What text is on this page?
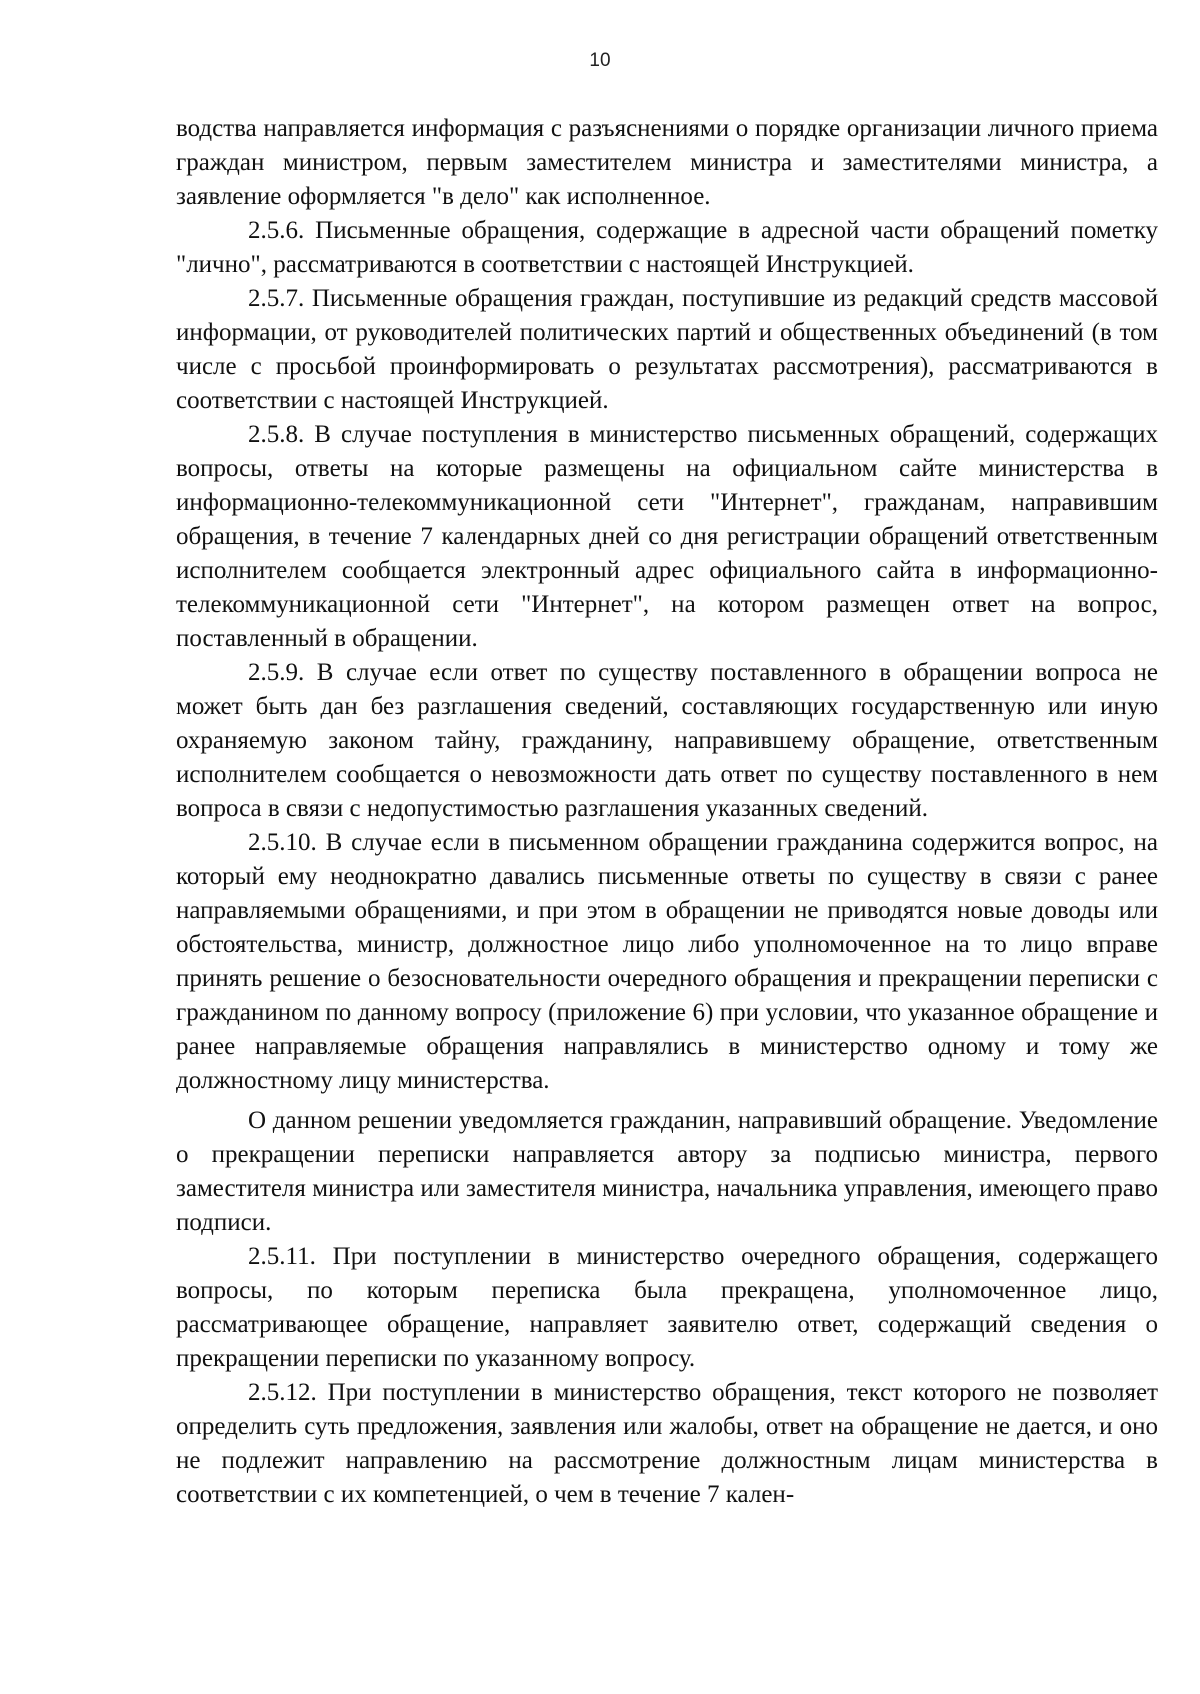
10

водства направляется информация с разъяснениями о порядке организации личного приема граждан министром, первым заместителем министра и заместителями министра, а заявление оформляется "в дело" как исполненное.

2.5.6. Письменные обращения, содержащие в адресной части обращений пометку "лично", рассматриваются в соответствии с настоящей Инструкцией.

2.5.7. Письменные обращения граждан, поступившие из редакций средств массовой информации, от руководителей политических партий и общественных объединений (в том числе с просьбой проинформировать о результатах рассмотрения), рассматриваются в соответствии с настоящей Инструкцией.

2.5.8. В случае поступления в министерство письменных обращений, содержащих вопросы, ответы на которые размещены на официальном сайте министерства в информационно-телекоммуникационной сети "Интернет", гражданам, направившим обращения, в течение 7 календарных дней со дня регистрации обращений ответственным исполнителем сообщается электронный адрес официального сайта в информационно-телекоммуникационной сети "Интернет", на котором размещен ответ на вопрос, поставленный в обращении.

2.5.9. В случае если ответ по существу поставленного в обращении вопроса не может быть дан без разглашения сведений, составляющих государственную или иную охраняемую законом тайну, гражданину, направившему обращение, ответственным исполнителем сообщается о невозможности дать ответ по существу поставленного в нем вопроса в связи с недопустимостью разглашения указанных сведений.

2.5.10. В случае если в письменном обращении гражданина содержится вопрос, на который ему неоднократно давались письменные ответы по существу в связи с ранее направляемыми обращениями, и при этом в обращении не приводятся новые доводы или обстоятельства, министр, должностное лицо либо уполномоченное на то лицо вправе принять решение о безосновательности очередного обращения и прекращении переписки с гражданином по данному вопросу (приложение 6) при условии, что указанное обращение и ранее направляемые обращения направлялись в министерство одному и тому же должностному лицу министерства.

О данном решении уведомляется гражданин, направивший обращение. Уведомление о прекращении переписки направляется автору за подписью министра, первого заместителя министра или заместителя министра, начальника управления, имеющего право подписи.

2.5.11. При поступлении в министерство очередного обращения, содержащего вопросы, по которым переписка была прекращена, уполномоченное лицо, рассматривающее обращение, направляет заявителю ответ, содержащий сведения о прекращении переписки по указанному вопросу.

2.5.12. При поступлении в министерство обращения, текст которого не позволяет определить суть предложения, заявления или жалобы, ответ на обращение не дается, и оно не подлежит направлению на рассмотрение должностным лицам министерства в соответствии с их компетенцией, о чем в течение 7 кален-
